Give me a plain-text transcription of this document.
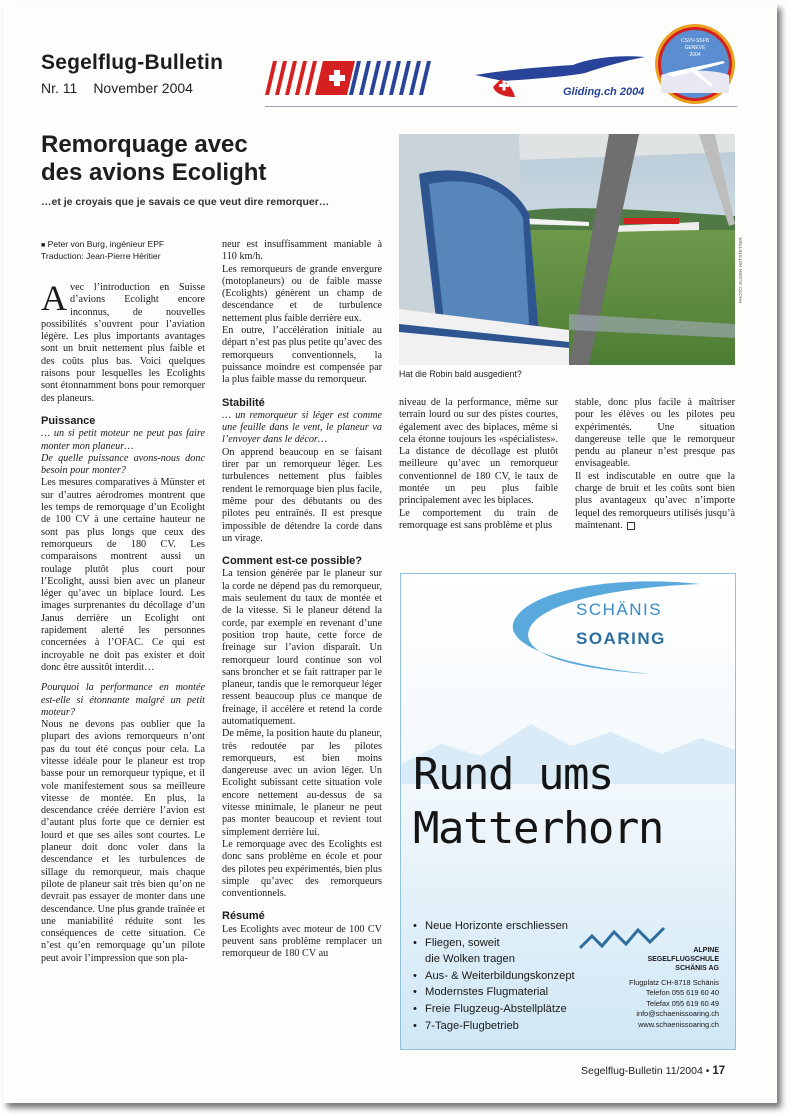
Segelflug-Bulletin
Nr. 11 November 2004	Gliding.ch 2004
CSVV-SSFB
GENEVE
2004
Remorquage avec
des avions Ecolight
…et je croyais que je savais ce que veut dire remorquer…

■ Peter von Burg, ingénieur EPF
Traduction: Jean-Pierre Héritier

Avec l’introduction en Suisse d’avions Ecolight encore inconnus, de nouvelles possibilités s’ouvrent pour l’aviation légère. Les plus importants avantages sont un bruit nettement plus faible et des coûts plus bas. Voici quelques raisons pour lesquelles les Ecolights sont étonnamment bons pour remorquer des planeurs.

Puissance

… un si petit moteur ne peut pas faire monter mon planeur…

De quelle puissance avons-nous donc besoin pour monter?

Les mesures comparatives à Münster et sur d’autres aérodromes montrent que les temps de remorquage d’un Ecolight de 100 CV à une certaine hauteur ne sont pas plus longs que ceux des remorqueurs de 180 CV. Les comparaisons montrent aussi un roulage plutôt plus court pour l’Ecolight, aussi bien avec un planeur léger qu’avec un biplace lourd. Les images surprenantes du décollage d’un Janus derrière un Ecolight ont rapidement alerté les personnes concernées à l’OFAC. Ce qui est incroyable ne doit pas exister et doit donc être aussitôt interdit…

Pourquoi la performance en montée est-elle si étonnante malgré un petit moteur?

Nous ne devons pas oublier que la plupart des avions remorqueurs n’ont pas du tout été conçus pour cela. La vitesse idéale pour le planeur est trop basse pour un remorqueur typique, et il vole manifestement sous sa meilleure vitesse de montée. En plus, la descendance créée derrière l’avion est d’autant plus forte que ce dernier est lourd et que ses ailes sont courtes. Le planeur doit donc voler dans la descendance et les turbulences de sillage du remorqueur, mais chaque pilote de planeur sait très bien qu’on ne devrait pas essayer de monter dans une descendance. Une plus grande traînée et une maniabilité réduite sont les conséquences de cette situation. Ce n’est qu’en remorquage qu’un pilote peut avoir l’impression que son pla-

neur est insuffisamment maniable à 110 km/h.

Les remorqueurs de grande envergure (motoplaneurs) ou de faible masse (Ecolights) génèrent un champ de descendance et de turbulence nettement plus faible derrière eux.

En outre, l’accélération initiale au départ n’est pas plus petite qu’avec des remorqueurs conventionnels, la puissance moindre est compensée par la plus faible masse du remorqueur.

Stabilité

… un remorqueur si léger est comme une feuille dans le vent, le planeur va l’envoyer dans le décor…

On apprend beaucoup en se faisant tirer par un remorqueur léger. Les turbulences nettement plus faibles rendent le remorquage bien plus facile, même pour des débutants ou des pilotes peu entraînés. Il est presque impossible de détendre la corde dans un virage.

Comment est-ce possible?

La tension générée par le planeur sur la corde ne dépend pas du remorqueur, mais seulement du taux de montée et de la vitesse. Si le planeur détend la corde, par exemple en revenant d’une position trop haute, cette force de freinage sur l’avion disparaît. Un remorqueur lourd continue son vol sans broncher et se fait rattraper par le planeur, tandis que le remorqueur léger ressent beaucoup plus ce manque de freinage, il accélère et retend la corde automatiquement.

De même, la position haute du planeur, très redoutée par les pilotes remorqueurs, est bien moins dangereuse avec un avion léger. Un Ecolight subissant cette situation vole encore nettement au-dessus de sa vitesse minimale, le planeur ne peut pas monter beaucoup et revient tout simplement derrière lui.

Le remorquage avec des Ecolights est donc sans problème en école et pour des pilotes peu expérimentés, bien plus simple qu’avec des remorqueurs conventionnels.

Résumé

Les Ecolights avec moteur de 100 CV peuvent sans problème remplacer un remorqueur de 180 CV au

PHOTO: EUGEN HOTSTETTER
Hat die Robin bald ausgedient?

niveau de la performance, même sur terrain lourd ou sur des pistes courtes, également avec des biplaces, même si cela étonne toujours les «spécialistes». La distance de décollage est plutôt meilleure qu’avec un remorqueur conventionnel de 180 CV, le taux de montée un peu plus faible principalement avec les biplaces.

Le comportement du train de remorquage est sans problème et plus

stable, donc plus facile à maîtriser pour les élèves ou les pilotes peu expérimentés. Une situation dangereuse telle que le remorqueur pendu au planeur n’est presque pas envisageable.

Il est indiscutable en outre que la charge de bruit et les coûts sont bien plus avantageux qu’avec n’importe lequel des remorqueurs utilisés jusqu’à maintenant.

SCHÄNIS
SOARING
Rund ums
Matterhorn
• Neue Horizonte erschliessen
• Fliegen, soweit
die Wolken tragen
• Aus- & Weiterbildungskonzept
• Modernstes Flugmaterial
• Freie Flugzeug-Abstellplätze
• 7-Tage-Flugbetrieb
ALPINE
SEGELFLUGSCHULE
SCHÄNIS AG
Flugplatz CH-8718 Schänis
Telefon 055 619 60 40
Telefax 055 619 60 49
info@schaenissoaring.ch
www.schaenissoaring.ch
Segelflug-Bulletin 11/2004 • 17
